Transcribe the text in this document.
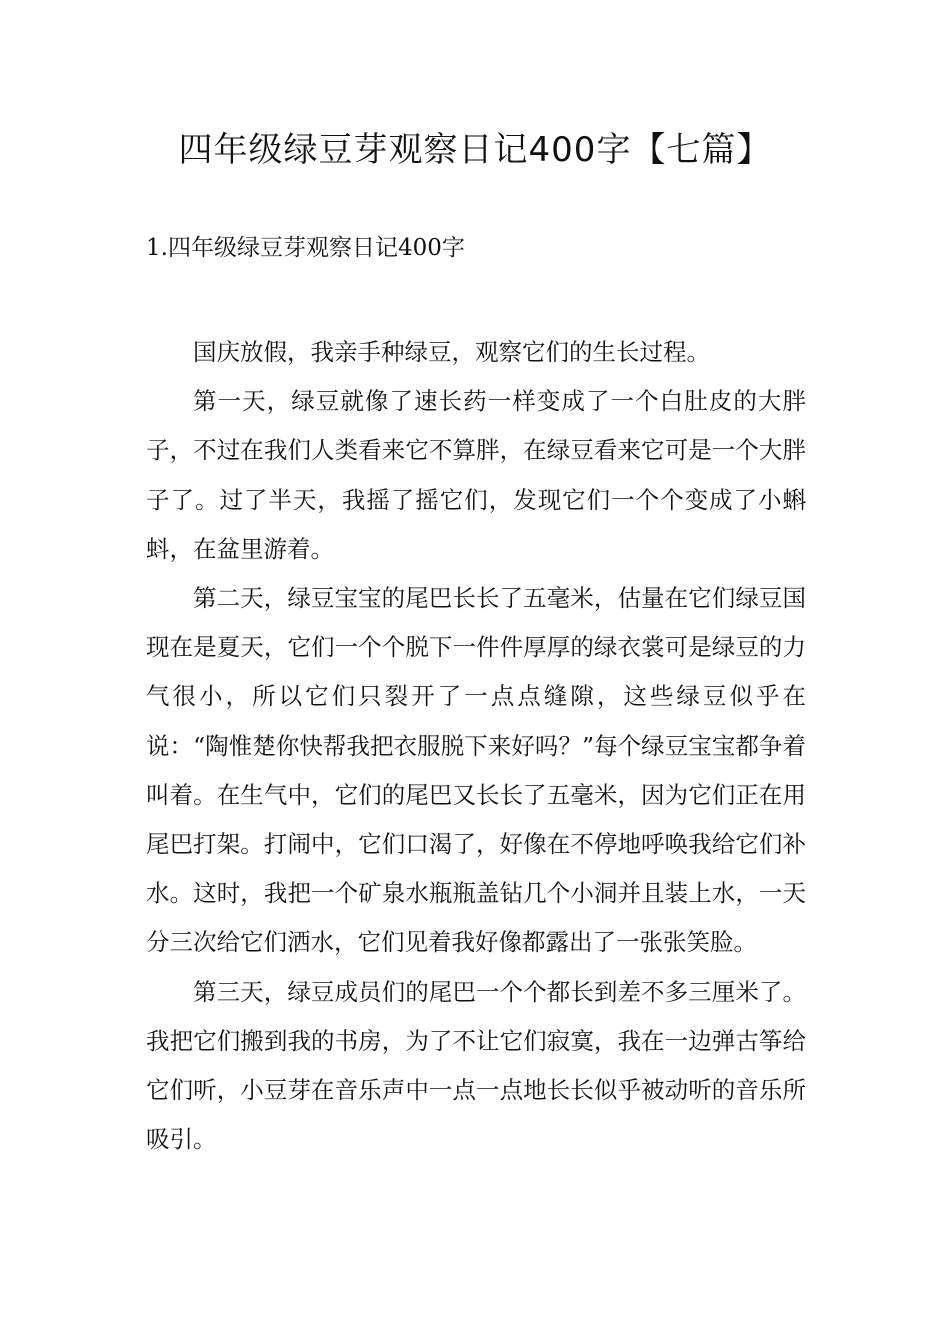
四年级绿豆芽观察日记400字【七篇】
1.四年级绿豆芽观察日记400字

国庆放假，我亲手种绿豆，观察它们的生长过程。

第一天，绿豆就像了速长药一样变成了一个白肚皮的大胖子，不过在我们人类看来它不算胖，在绿豆看来它可是一个大胖子了。过了半天，我摇了摇它们，发现它们一个个变成了小蝌蚪，在盆里游着。

第二天，绿豆宝宝的尾巴长长了五毫米，估量在它们绿豆国现在是夏天，它们一个个脱下一件件厚厚的绿衣裳可是绿豆的力气很小，所以它们只裂开了一点点缝隙，这些绿豆似乎在说：“陶惟楚你快帮我把衣服脱下来好吗？”每个绿豆宝宝都争着叫着。在生气中，它们的尾巴又长长了五毫米，因为它们正在用尾巴打架。打闹中，它们口渴了，好像在不停地呼唤我给它们补水。这时，我把一个矿泉水瓶瓶盖钻几个小洞并且装上水，一天分三次给它们洒水，它们见着我好像都露出了一张张笑脸。

第三天，绿豆成员们的尾巴一个个都长到差不多三厘米了。我把它们搬到我的书房，为了不让它们寂寞，我在一边弹古筝给它们听，小豆芽在音乐声中一点一点地长长似乎被动听的音乐所吸引。
